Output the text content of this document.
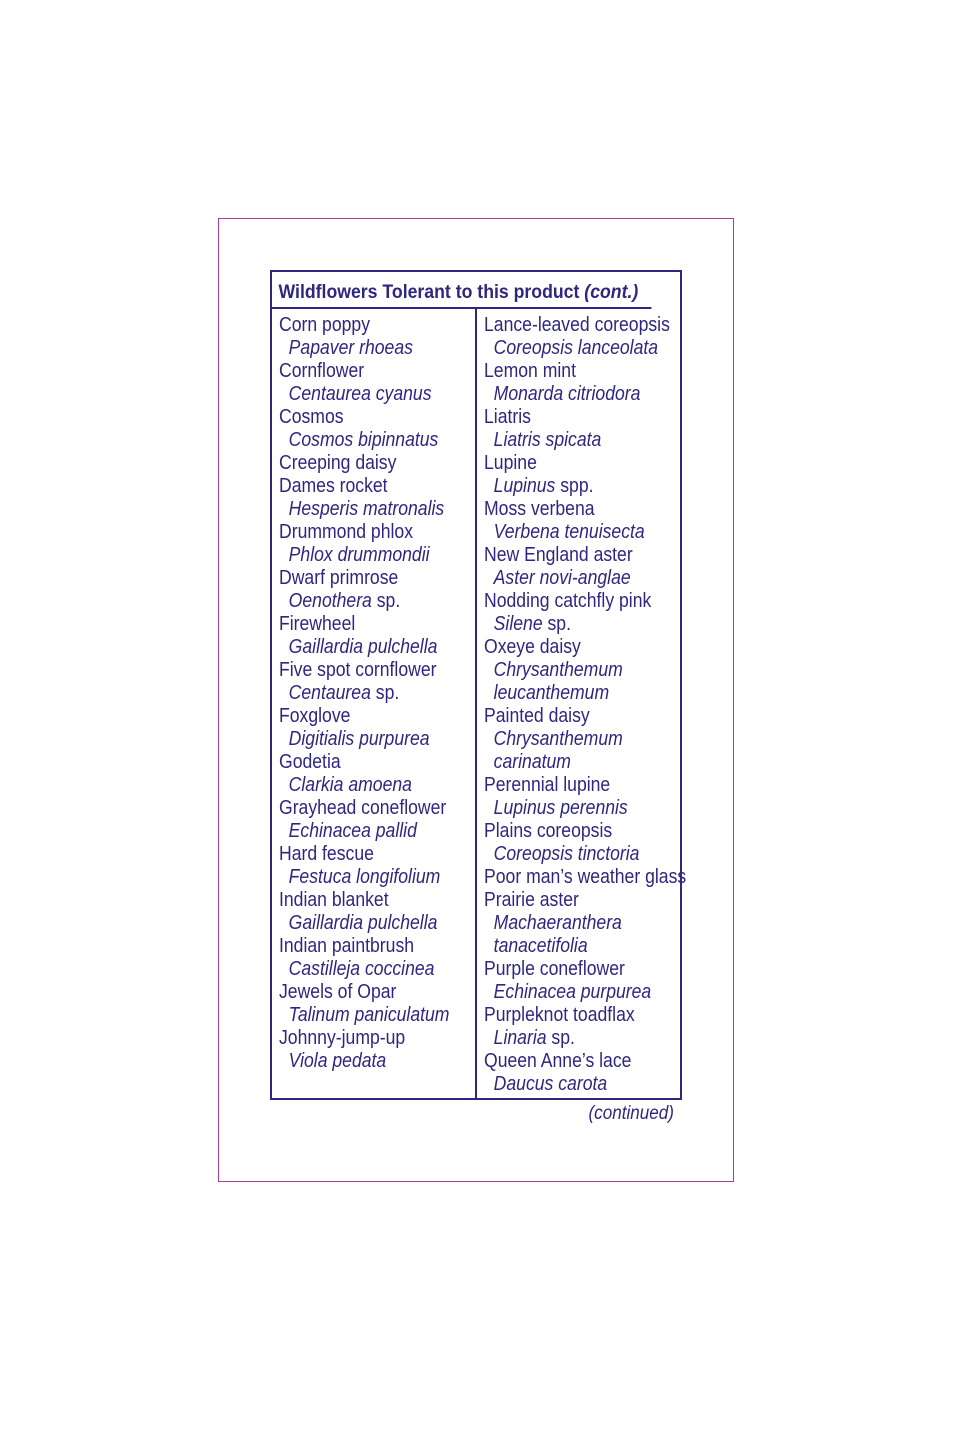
Wildflowers Tolerant to this product (cont.)
Corn poppy
Papaver rhoeas
Cornflower
Centaurea cyanus
Cosmos
Cosmos bipinnatus
Creeping daisy
Dames rocket
Hesperis matronalis
Drummond phlox
Phlox drummondii
Dwarf primrose
Oenothera sp.
Firewheel
Gaillardia pulchella
Five spot cornflower
Centaurea sp.
Foxglove
Digitialis purpurea
Godetia
Clarkia amoena
Grayhead coneflower
Echinacea pallid
Hard fescue
Festuca longifolium
Indian blanket
Gaillardia pulchella
Indian paintbrush
Castilleja coccinea
Jewels of Opar
Talinum paniculatum
Johnny-jump-up
Viola pedata
Lance-leaved coreopsis
Coreopsis lanceolata
Lemon mint
Monarda citriodora
Liatris
Liatris spicata
Lupine
Lupinus spp.
Moss verbena
Verbena tenuisecta
New England aster
Aster novi-anglae
Nodding catchfly pink
Silene sp.
Oxeye daisy
Chrysanthemum
leucanthemum
Painted daisy
Chrysanthemum
carinatum
Perennial lupine
Lupinus perennis
Plains coreopsis
Coreopsis tinctoria
Poor man’s weather glass
Prairie aster
Machaeranthera
tanacetifolia
Purple coneflower
Echinacea purpurea
Purpleknot toadflax
Linaria sp.
Queen Anne’s lace
Daucus carota
(continued)
